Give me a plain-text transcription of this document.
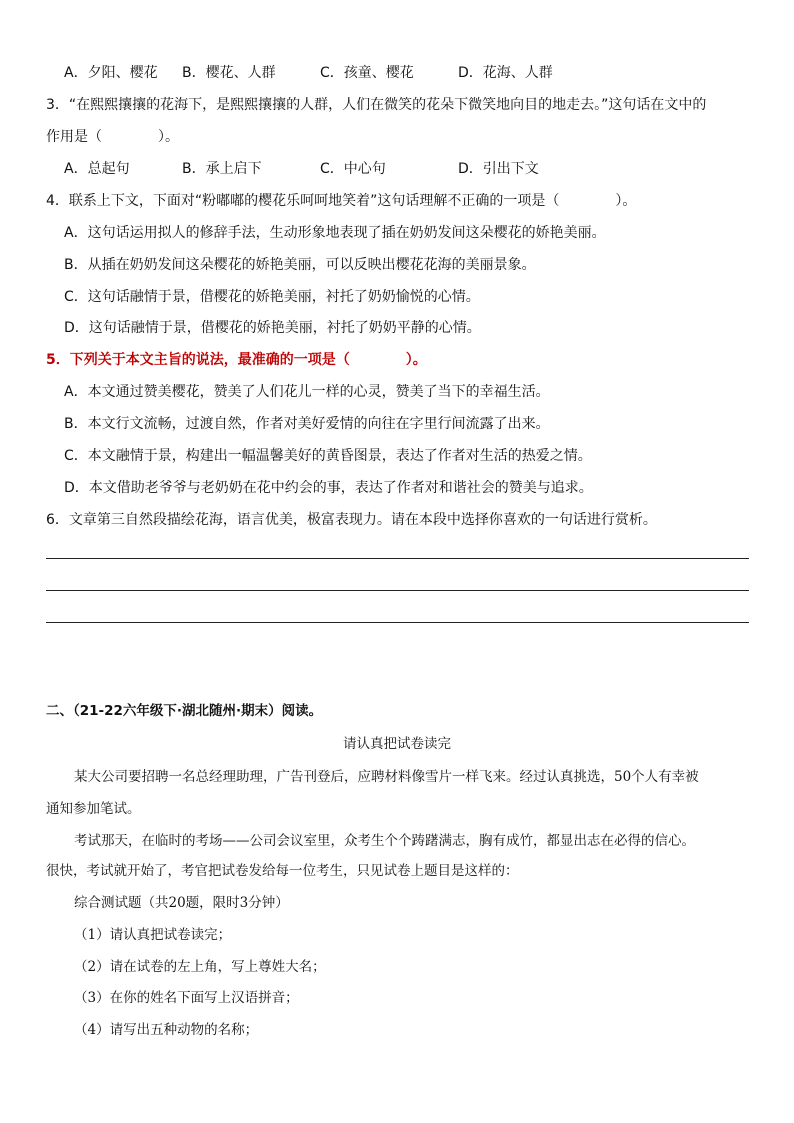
A．夕阳、樱花 B．樱花、人群	C．孩童、樱花	D．花海、人群
3．“在熙熙攘攘的花海下，是熙熙攘攘的人群，人们在微笑的花朵下微笑地向目的地走去。”这句话在文中的
作用是（　　　　）。
A．总起句	B．承上启下	C．中心句	D．引出下文
4．联系上下文，下面对“粉嘟嘟的樱花乐呵呵地笑着”这句话理解不正确的一项是（　　　　）。
A．这句话运用拟人的修辞手法，生动形象地表现了插在奶奶发间这朵樱花的娇艳美丽。
B．从插在奶奶发间这朵樱花的娇艳美丽，可以反映出樱花花海的美丽景象。
C．这句话融情于景，借樱花的娇艳美丽，衬托了奶奶愉悦的心情。
D．这句话融情于景，借樱花的娇艳美丽，衬托了奶奶平静的心情。
5．下列关于本文主旨的说法，最准确的一项是（　　　　）。
A．本文通过赞美樱花，赞美了人们花儿一样的心灵，赞美了当下的幸福生活。
B．本文行文流畅，过渡自然，作者对美好爱情的向往在字里行间流露了出来。
C．本文融情于景，构建出一幅温馨美好的黄昏图景，表达了作者对生活的热爱之情。
D．本文借助老爷爷与老奶奶在花中约会的事，表达了作者对和谐社会的赞美与追求。
6．文章第三自然段描绘花海，语言优美，极富表现力。请在本段中选择你喜欢的一句话进行赏析。
二、（21-22六年级下·湖北随州·期末）阅读。
请认真把试卷读完
某大公司要招聘一名总经理助理，广告刊登后，应聘材料像雪片一样飞来。经过认真挑选，50个人有幸被
通知参加笔试。
考试那天，在临时的考场——公司会议室里，众考生个个踌躇满志，胸有成竹，都显出志在必得的信心。
很快，考试就开始了，考官把试卷发给每一位考生，只见试卷上题目是这样的：
综合测试题（共20题，限时3分钟）
（1）请认真把试卷读完；
（2）请在试卷的左上角，写上尊姓大名；
（3）在你的姓名下面写上汉语拼音；
（4）请写出五种动物的名称；
